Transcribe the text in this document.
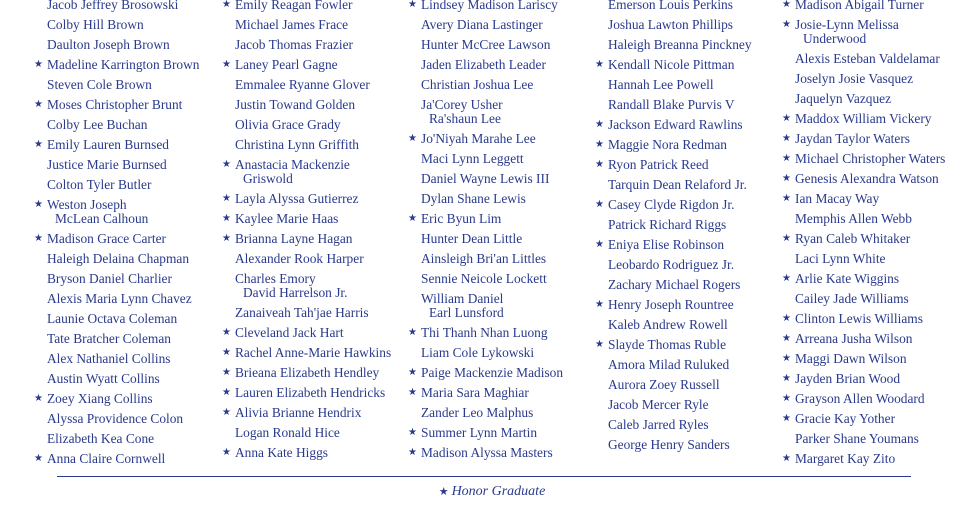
Jacob Jeffrey Brosowski
Colby Hill Brown
Daulton Joseph Brown
★ Madeline Karrington Brown
Steven Cole Brown
★ Moses Christopher Brunt
Colby Lee Buchan
★ Emily Lauren Burnsed
Justice Marie Burnsed
Colton Tyler Butler
★ Weston Joseph
McLean Calhoun
★ Madison Grace Carter
Haleigh Delaina Chapman
Bryson Daniel Charlier
Alexis Maria Lynn Chavez
Launie Octava Coleman
Tate Bratcher Coleman
Alex Nathaniel Collins
Austin Wyatt Collins
★ Zoey Xiang Collins
Alyssa Providence Colon
Elizabeth Kea Cone
★ Anna Claire Cornwell
★ Emily Reagan Fowler
Michael James Frace
Jacob Thomas Frazier
★ Laney Pearl Gagne
Emmalee Ryanne Glover
Justin Towand Golden
Olivia Grace Grady
Christina Lynn Griffith
★ Anastacia Mackenzie
Griswold
★ Layla Alyssa Gutierrez
★ Kaylee Marie Haas
★ Brianna Layne Hagan
Alexander Rook Harper
Charles Emory
David Harrelson Jr.
Zanaiveah Tah'jae Harris
★ Cleveland Jack Hart
★ Rachel Anne-Marie Hawkins
★ Brieana Elizabeth Hendley
★ Lauren Elizabeth Hendricks
★ Alivia Brianne Hendrix
Logan Ronald Hice
★ Anna Kate Higgs
★ Lindsey Madison Lariscy
Avery Diana Lastinger
Hunter McCree Lawson
Jaden Elizabeth Leader
Christian Joshua Lee
Ja'Corey Usher
Ra'shaun Lee
★ Jo'Niyah Marahe Lee
Maci Lynn Leggett
Daniel Wayne Lewis III
Dylan Shane Lewis
★ Eric Byun Lim
Hunter Dean Little
Ainsleigh Bri'an Littles
Sennie Neicole Lockett
William Daniel
Earl Lunsford
★ Thi Thanh Nhan Luong
Liam Cole Lykowski
★ Paige Mackenzie Madison
★ Maria Sara Maghiar
Zander Leo Malphus
★ Summer Lynn Martin
★ Madison Alyssa Masters
Emerson Louis Perkins
Joshua Lawton Phillips
Haleigh Breanna Pinckney
★ Kendall Nicole Pittman
Hannah Lee Powell
Randall Blake Purvis V
★ Jackson Edward Rawlins
★ Maggie Nora Redman
★ Ryon Patrick Reed
Tarquin Dean Relaford Jr.
★ Casey Clyde Rigdon Jr.
Patrick Richard Riggs
★ Eniya Elise Robinson
Leobardo Rodriguez Jr.
Zachary Michael Rogers
★ Henry Joseph Rountree
Kaleb Andrew Rowell
★ Slayde Thomas Ruble
Amora Milad Ruluked
Aurora Zoey Russell
Jacob Mercer Ryle
Caleb Jarred Ryles
George Henry Sanders
★ Madison Abigail Turner
★ Josie-Lynn Melissa
Underwood
Alexis Esteban Valdelamar
Joselyn Josie Vasquez
Jaquelyn Vazquez
★ Maddox William Vickery
★ Jaydan Taylor Waters
★ Michael Christopher Waters
★ Genesis Alexandra Watson
★ Ian Macay Way
Memphis Allen Webb
★ Ryan Caleb Whitaker
Laci Lynn White
★ Arlie Kate Wiggins
Cailey Jade Williams
★ Clinton Lewis Williams
★ Arreana Jusha Wilson
★ Maggi Dawn Wilson
★ Jayden Brian Wood
★ Grayson Allen Woodard
★ Gracie Kay Yother
Parker Shane Youmans
★ Margaret Kay Zito
★ Honor Graduate
